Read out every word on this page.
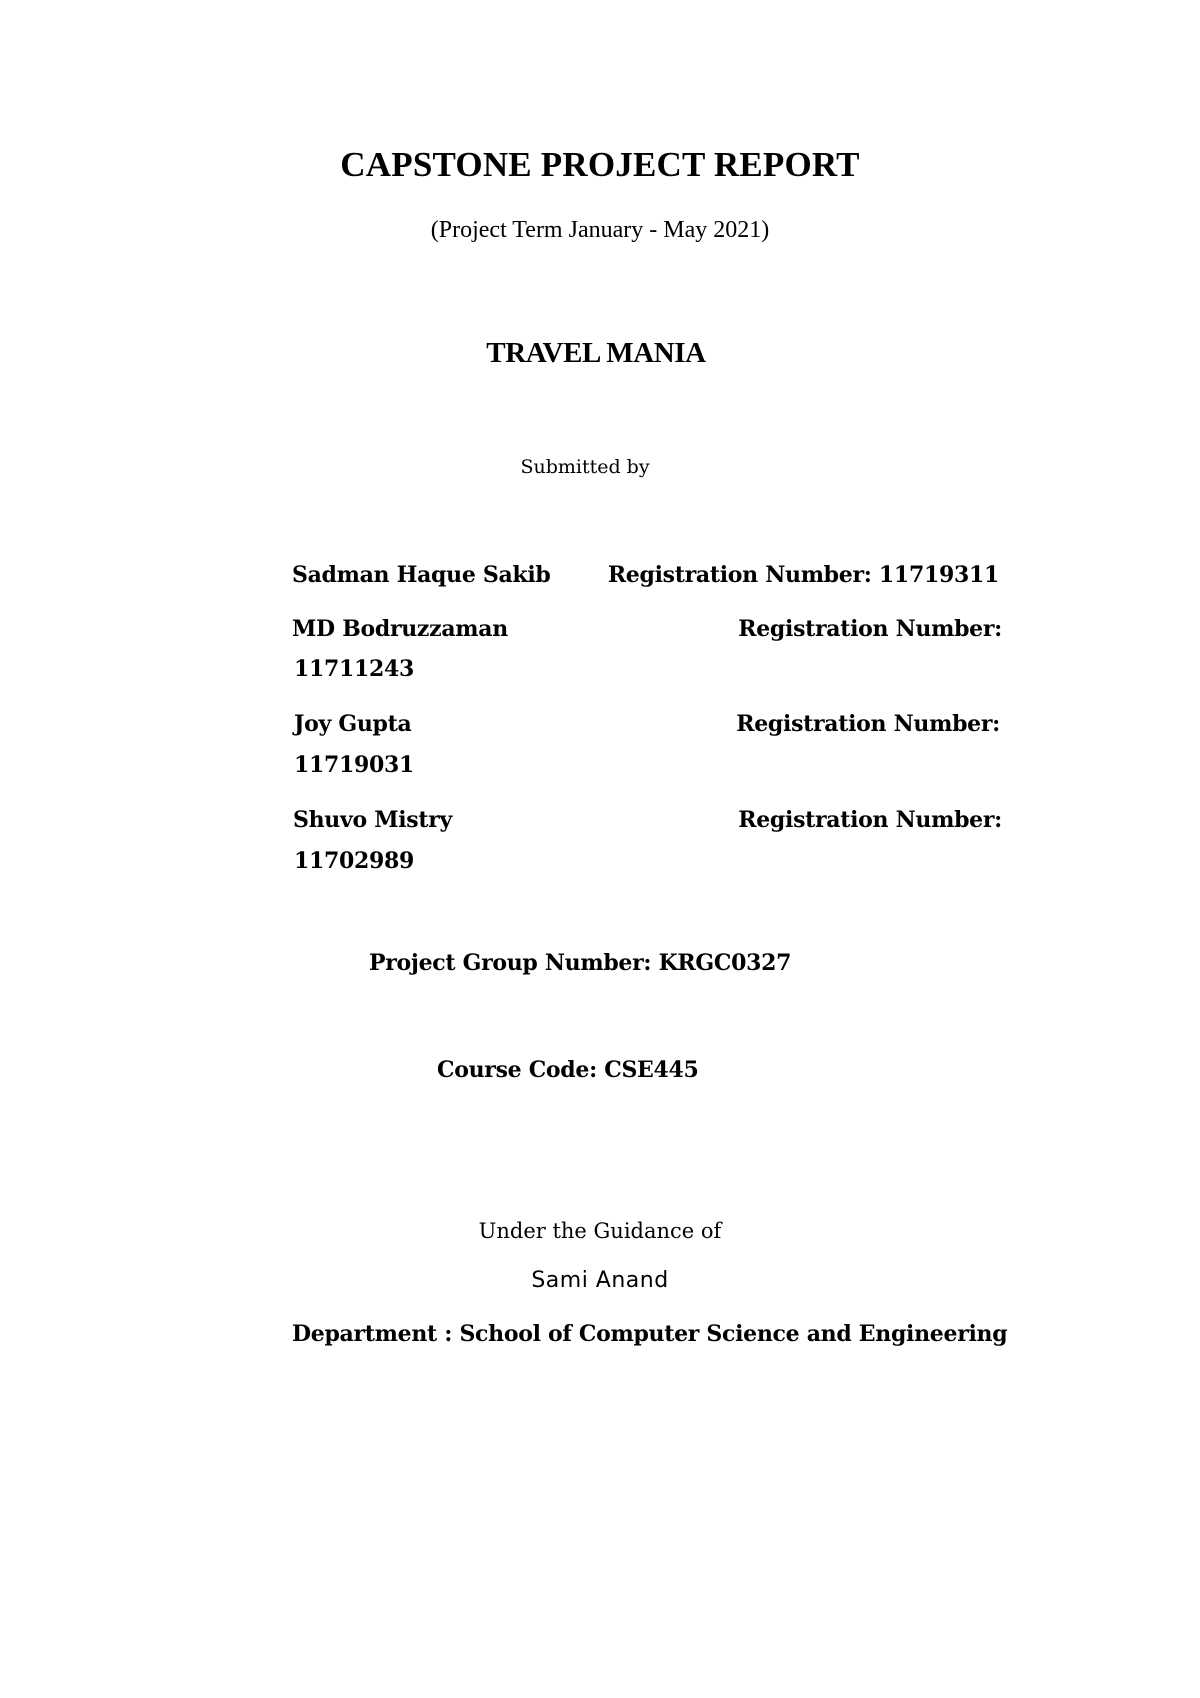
CAPSTONE PROJECT REPORT
(Project Term January - May 2021)
TRAVEL MANIA
Submitted by
Sadman Haque Sakib	Registration Number: 11719311
MD Bodruzzaman	Registration Number:
11711243
Joy Gupta	Registration Number:
11719031
Shuvo Mistry	Registration Number:
11702989
Project Group Number: KRGC0327
Course Code: CSE445
Under the Guidance of
Sami Anand
Department : School of Computer Science and Engineering
